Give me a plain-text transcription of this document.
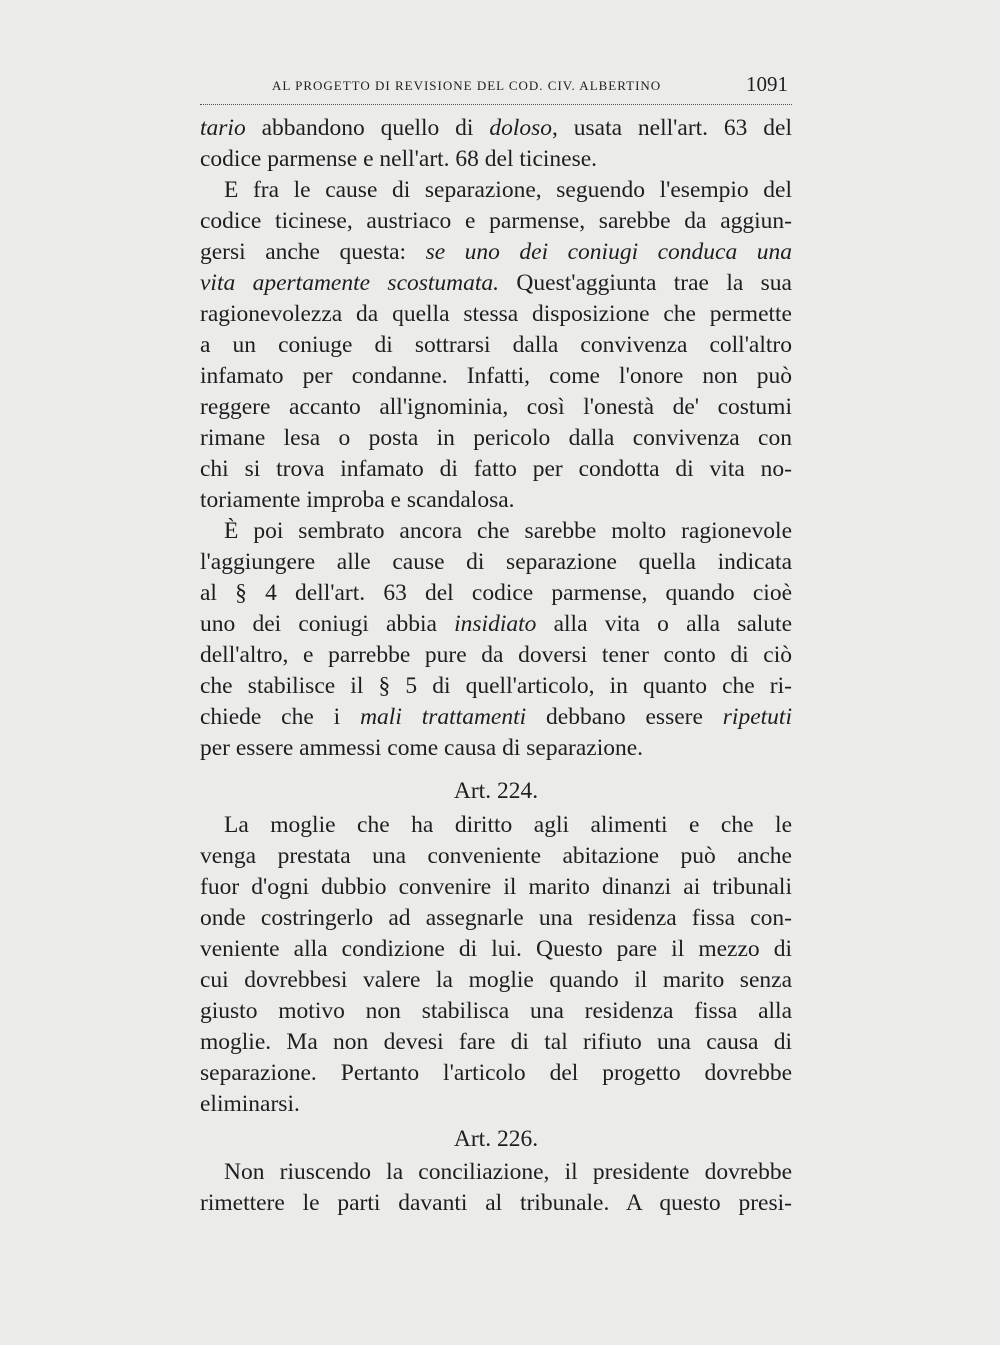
AL PROGETTO DI REVISIONE DEL COD. CIV. ALBERTINO	1091
tario abbandono quello di doloso, usata nell'art. 63 del
codice parmense e nell'art. 68 del ticinese.
E fra le cause di separazione, seguendo l'esempio del
codice ticinese, austriaco e parmense, sarebbe da aggiun-
gersi anche questa: se uno dei coniugi conduca una
vita apertamente scostumata. Quest'aggiunta trae la sua
ragionevolezza da quella stessa disposizione che permette
a un coniuge di sottrarsi dalla convivenza coll'altro
infamato per condanne. Infatti, come l'onore non può
reggere accanto all'ignominia, così l'onestà de' costumi
rimane lesa o posta in pericolo dalla convivenza con
chi si trova infamato di fatto per condotta di vita no-
toriamente improba e scandalosa.
È poi sembrato ancora che sarebbe molto ragionevole
l'aggiungere alle cause di separazione quella indicata
al § 4 dell'art. 63 del codice parmense, quando cioè
uno dei coniugi abbia insidiato alla vita o alla salute
dell'altro, e parrebbe pure da doversi tener conto di ciò
che stabilisce il § 5 di quell'articolo, in quanto che ri-
chiede che i mali trattamenti debbano essere ripetuti
per essere ammessi come causa di separazione.
Art. 224.
La moglie che ha diritto agli alimenti e che le
venga prestata una conveniente abitazione può anche
fuor d'ogni dubbio convenire il marito dinanzi ai tribunali
onde costringerlo ad assegnarle una residenza fissa con-
veniente alla condizione di lui. Questo pare il mezzo di
cui dovrebbesi valere la moglie quando il marito senza
giusto motivo non stabilisca una residenza fissa alla
moglie. Ma non devesi fare di tal rifiuto una causa di
separazione. Pertanto l'articolo del progetto dovrebbe
eliminarsi.
Art. 226.
Non riuscendo la conciliazione, il presidente dovrebbe
rimettere le parti davanti al tribunale. A questo presi-
